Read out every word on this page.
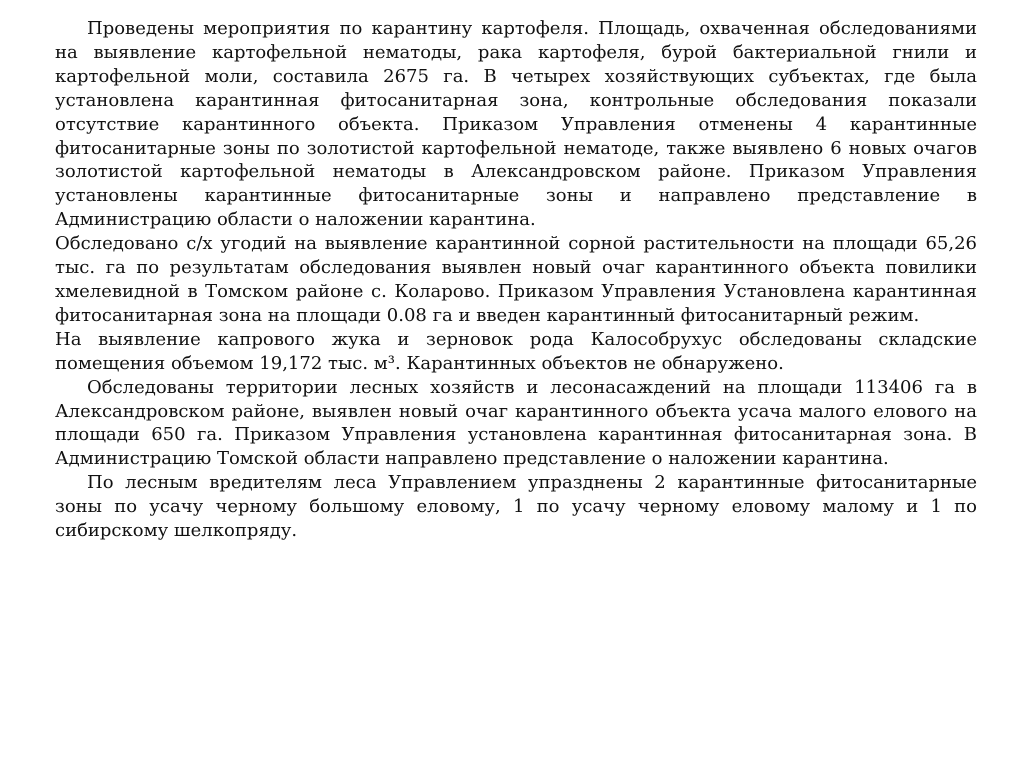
Проведены мероприятия по карантину картофеля. Площадь, охваченная обследованиями на выявление картофельной нематоды, рака картофеля, бурой бактериальной гнили и картофельной моли, составила 2675 га. В четырех хозяйствующих субъектах, где была установлена карантинная фитосанитарная зона, контрольные обследования показали отсутствие карантинного объекта. Приказом Управления отменены 4 карантинные фитосанитарные зоны по золотистой картофельной нематоде, также выявлено 6 новых очагов золотистой картофельной нематоды в Александровском районе. Приказом Управления установлены карантинные фитосанитарные зоны и направлено представление в Администрацию области о наложении карантина.

Обследовано с/х угодий на выявление карантинной сорной растительности на площади 65,26 тыс. га по результатам обследования выявлен новый очаг карантинного объекта повилики хмелевидной в Томском районе с. Коларово. Приказом Управления Установлена карантинная фитосанитарная зона на площади 0.08 га и введен карантинный фитосанитарный режим.

На выявление капрового жука и зерновок рода Калособрухус обследованы складские помещения объемом 19,172 тыс. м³. Карантинных объектов не обнаружено.

Обследованы территории лесных хозяйств и лесонасаждений на площади 113406 га в Александровском районе, выявлен новый очаг карантинного объекта усача малого елового на площади 650 га. Приказом Управления установлена карантинная фитосанитарная зона. В Администрацию Томской области направлено представление о наложении карантина.

По лесным вредителям леса Управлением упразднены 2 карантинные фитосанитарные зоны по усачу черному большому еловому, 1 по усачу черному еловому малому и 1 по сибирскому шелкопряду.
